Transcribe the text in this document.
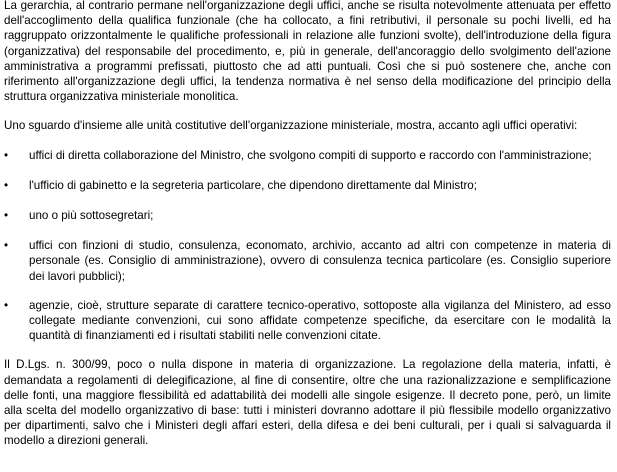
La gerarchia, al contrario permane nell'organizzazione degli uffici, anche se risulta notevolmente attenuata per effetto dell'accoglimento della qualifica funzionale (che ha collocato, a fini retributivi, il personale su pochi livelli, ed ha raggruppato orizzontalmente le qualifiche professionali in relazione alle funzioni svolte), dell'introduzione della figura (organizzativa) del responsabile del procedimento, e, più in generale, dell'ancoraggio dello svolgimento dell'azione amministrativa a programmi prefissati, piuttosto che ad atti puntuali. Così che si può sostenere che, anche con riferimento all'organizzazione degli uffici, la tendenza normativa è nel senso della modificazione del principio della struttura organizzativa ministeriale monolitica.

Uno sguardo d'insieme alle unità costitutive dell'organizzazione ministeriale, mostra, accanto agli uffici operativi:

• uffici di diretta collaborazione del Ministro, che svolgono compiti di supporto e raccordo con l'amministrazione;
• l'ufficio di gabinetto e la segreteria particolare, che dipendono direttamente dal Ministro;
• uno o più sottosegretari;
• uffici con finzioni di studio, consulenza, economato, archivio, accanto ad altri con competenze in materia di personale (es. Consiglio di amministrazione), ovvero di consulenza tecnica particolare (es. Consiglio superiore dei lavori pubblici);
• agenzie, cioè, strutture separate di carattere tecnico-operativo, sottoposte alla vigilanza del Ministero, ad esso collegate mediante convenzioni, cui sono affidate competenze specifiche, da esercitare con le modalità la quantità di finanziamenti ed i risultati stabiliti nelle convenzioni citate.

Il D.Lgs. n. 300/99, poco o nulla dispone in materia di organizzazione. La regolazione della materia, infatti, è demandata a regolamenti di delegificazione, al fine di consentire, oltre che una razionalizzazione e semplificazione delle fonti, una maggiore flessibilità ed adattabilità dei modelli alle singole esigenze. Il decreto pone, però, un limite alla scelta del modello organizzativo di base: tutti i ministeri dovranno adottare il più flessibile modello organizzativo per dipartimenti, salvo che i Ministeri degli affari esteri, della difesa e dei beni culturali, per i quali si salvaguarda il modello a direzioni generali.
